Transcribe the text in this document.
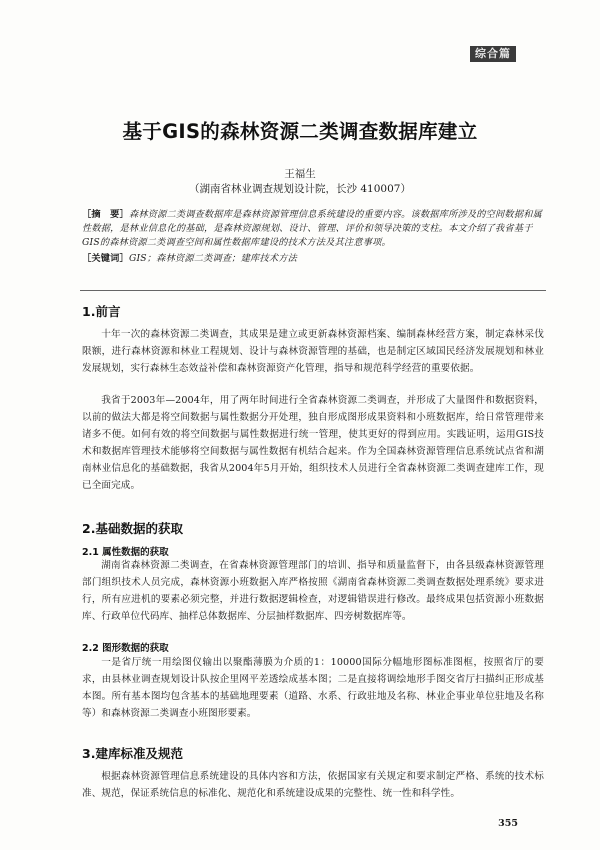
综合篇
基于GIS的森林资源二类调查数据库建立
王福生
（湖南省林业调查规划设计院，长沙 410007）
［摘　要］森林资源二类调查数据库是森林资源管理信息系统建设的重要内容。该数据库所涉及的空间数据和属性数据，是林业信息化的基础，是森林资源规划、设计、管理、评价和领导决策的支柱。本文介绍了我省基于GIS的森林资源二类调查空间和属性数据库建设的技术方法及其注意事项。
［关键词］GIS；森林资源二类调查；建库技术方法
1.前言
十年一次的森林资源二类调查，其成果是建立或更新森林资源档案、编制森林经营方案，制定森林采伐限额，进行森林资源和林业工程规划、设计与森林资源管理的基础，也是制定区域国民经济发展规划和林业发展规划，实行森林生态效益补偿和森林资源资产化管理，指导和规范科学经营的重要依据。
我省于2003年—2004年，用了两年时间进行全省森林资源二类调查，并形成了大量图件和数据资料，以前的做法大都是将空间数据与属性数据分开处理，独自形成图形成果资料和小班数据库，给日常管理带来诸多不便。如何有效的将空间数据与属性数据进行统一管理，使其更好的得到应用。实践证明，运用GIS技术和数据库管理技术能够将空间数据与属性数据有机结合起来。作为全国森林资源管理信息系统试点省和湖南林业信息化的基础数据，我省从2004年5月开始，组织技术人员进行全省森林资源二类调查建库工作，现已全面完成。
2.基础数据的获取
2.1 属性数据的获取
湖南省森林资源二类调查，在省森林资源管理部门的培训、指导和质量监督下，由各县级森林资源管理部门组织技术人员完成，森林资源小班数据入库严格按照《湖南省森林资源二类调查数据处理系统》要求进行，所有应进机的要素必须完整，并进行数据逻辑检查，对逻辑错误进行修改。最终成果包括资源小班数据库、行政单位代码库、抽样总体数据库、分层抽样数据库、四旁树数据库等。
2.2 图形数据的获取
一是省厅统一用绘图仪输出以聚酯薄膜为介质的1：10000国际分幅地形图标准图框，按照省厅的要求，由县林业调查规划设计队按企里网平差透绘成基本图；二是直接将调绘地形手图交省厅扫描纠正形成基本图。所有基本图均包含基本的基础地理要素（道路、水系、行政驻地及名称、林业企事业单位驻地及名称等）和森林资源二类调查小班图形要素。
3.建库标准及规范
根据森林资源管理信息系统建设的具体内容和方法，依据国家有关规定和要求制定严格、系统的技术标准、规范，保证系统信息的标准化、规范化和系统建设成果的完整性、统一性和科学性。
355
